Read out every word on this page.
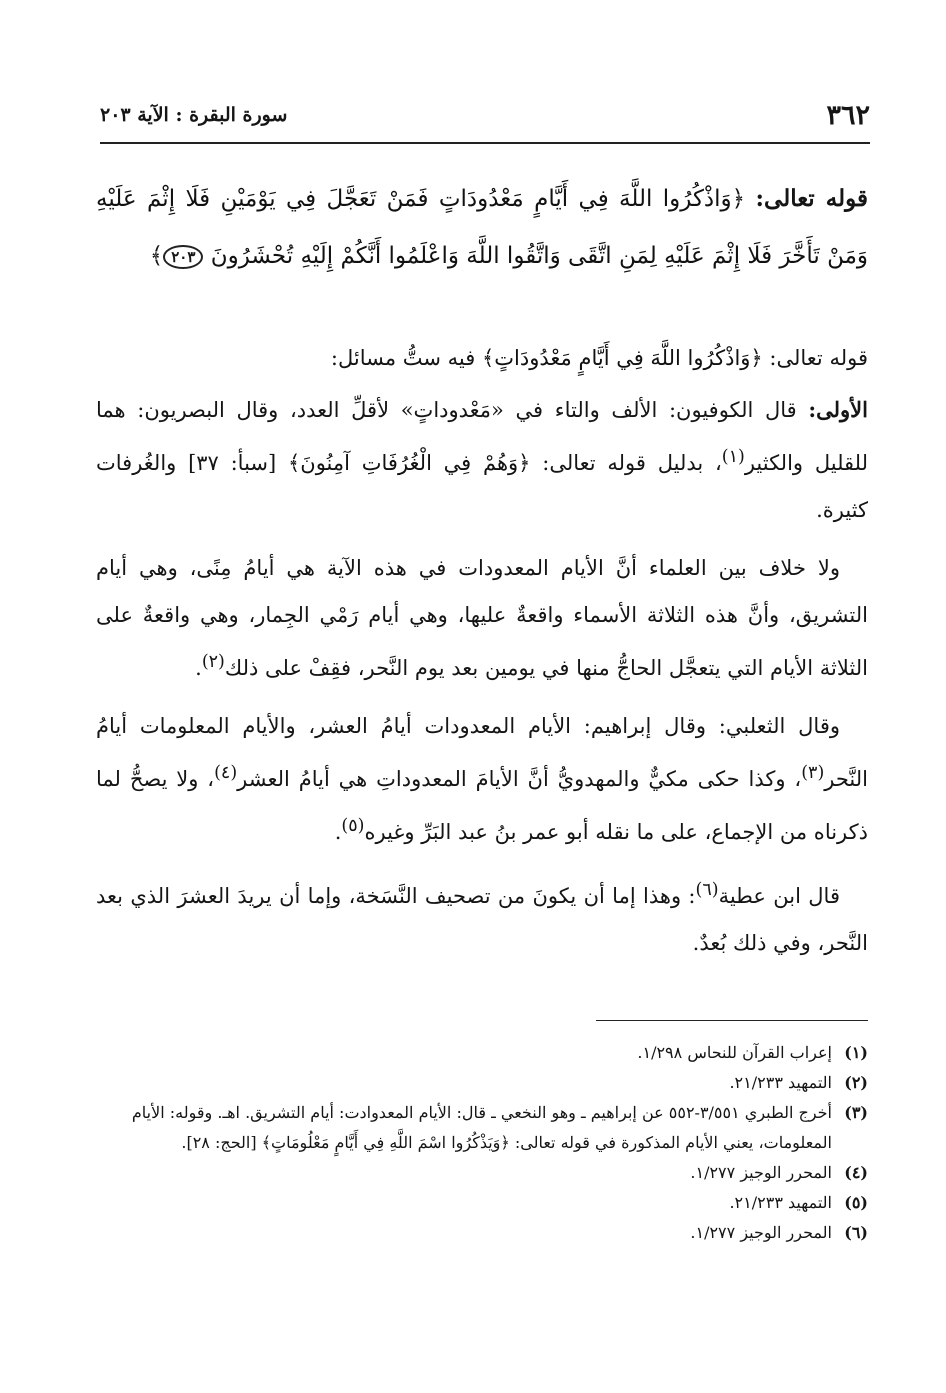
٣٦٢
سورة البقرة : الآية ٢٠٣
قوله تعالى: ﴿وَاذْكُرُوا اللَّهَ فِي أَيَّامٍ مَعْدُودَاتٍ فَمَنْ تَعَجَّلَ فِي يَوْمَيْنِ فَلَا إِثْمَ عَلَيْهِ وَمَنْ تَأَخَّرَ فَلَا إِثْمَ عَلَيْهِ لِمَنِ اتَّقَى وَاتَّقُوا اللَّهَ وَاعْلَمُوا أَنَّكُمْ إِلَيْهِ تُحْشَرُونَ ٢٠٣﴾
قوله تعالى: ﴿وَاذْكُرُوا اللَّهَ فِي أَيَّامٍ مَعْدُودَاتٍ﴾ فيه ستُّ مسائل:

الأولى: قال الكوفيون: الألف والتاء في «مَعْدوداتٍ» لأقلِّ العدد، وقال البصريون: هما للقليل والكثير$^{(١)}$، بدليل قوله تعالى: ﴿وَهُمْ فِي الْغُرُفَاتِ آمِنُونَ﴾ [سبأ: ٣٧] والغُرفات كثيرة.

ولا خلاف بين العلماء أنَّ الأيام المعدودات في هذه الآية هي أيامُ مِنًى، وهي أيام التشريق، وأنَّ هذه الثلاثة الأسماء واقعةٌ عليها، وهي أيام رَمْي الجِمار، وهي واقعةٌ على الثلاثة الأيام التي يتعجَّل الحاجُّ منها في يومين بعد يوم النَّحر، فقِفْ على ذلك$^{(٢)}$.

وقال الثعلبي: وقال إبراهيم: الأيام المعدودات أيامُ العشر، والأيام المعلومات أيامُ النَّحر$^{(٣)}$، وكذا حكى مكيٌّ والمهدويُّ أنَّ الأيامَ المعدوداتِ هي أيامُ العشر$^{(٤)}$، ولا يصحُّ لما ذكرناه من الإجماع، على ما نقله أبو عمر بنُ عبد البَرِّ وغيره$^{(٥)}$.

قال ابن عطية$^{(٦)}$: وهذا إما أن يكونَ من تصحيف النَّسَخة، وإما أن يريدَ العشرَ الذي بعد النَّحر، وفي ذلك بُعدٌ.

(١)
إعراب القرآن للنحاس ١/٢٩٨.
(٢)
التمهيد ٢١/٢٣٣.
(٣)
أخرج الطبري ٣/٥٥١-٥٥٢ عن إبراهيم ـ وهو النخعي ـ قال: الأيام المعدوادت: أيام التشريق. اهـ. وقوله: الأيام المعلومات، يعني الأيام المذكورة في قوله تعالى: ﴿وَيَذْكُرُوا اسْمَ اللَّهِ فِي أَيَّامٍ مَعْلُومَاتٍ﴾ [الحج: ٢٨].
(٤)
المحرر الوجيز ١/٢٧٧.
(٥)
التمهيد ٢١/٢٣٣.
(٦)
المحرر الوجيز ١/٢٧٧.
